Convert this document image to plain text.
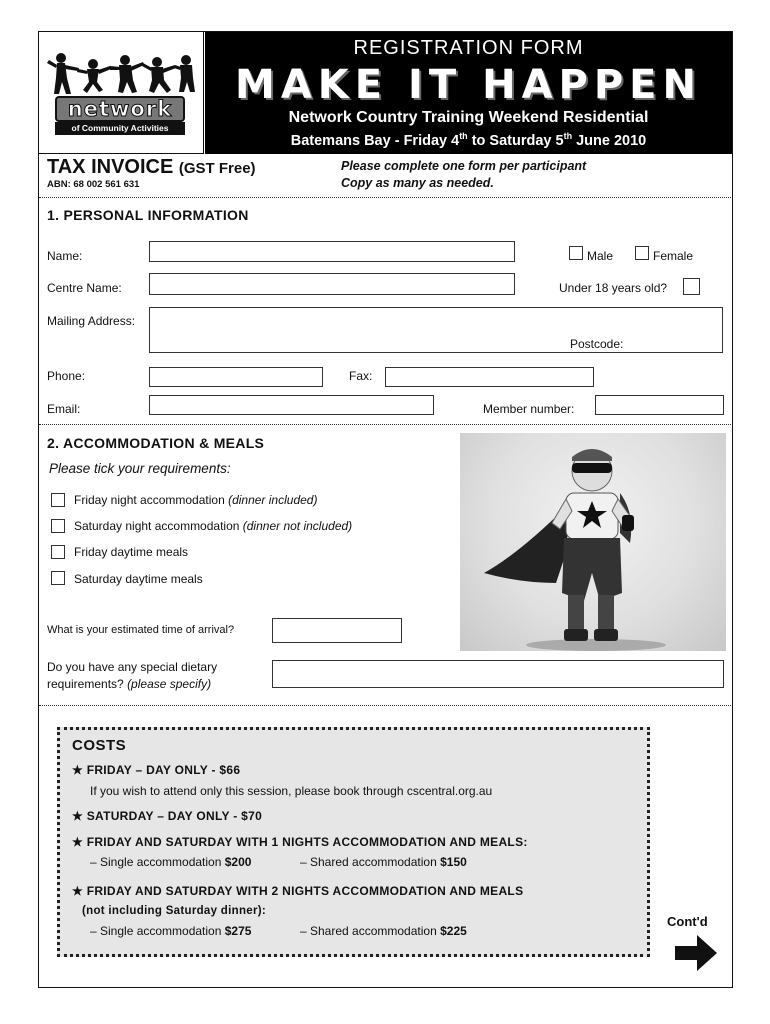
network
of Community Activities
REGISTRATION FORM
MAKE IT HAPPEN
Network Country Training Weekend Residential
Batemans Bay - Friday 4th to Saturday 5th June 2010
TAX INVOICE (GST Free)
ABN: 68 002 561 631
Please complete one form per participant
Copy as many as needed.
1. PERSONAL INFORMATION
Name:	Male	Female
Centre Name:	Under 18 years old?
Mailing Address:
Postcode:
Phone:	Fax:
Email:	Member number:
2. ACCOMMODATION & MEALS
Please tick your requirements:
Friday night accommodation (dinner included)
Saturday night accommodation (dinner not included)
Friday daytime meals
Saturday daytime meals
What is your estimated time of arrival?
Do you have any special dietary
requirements? (please specify)
COSTS
★ FRIDAY – DAY ONLY - $66
If you wish to attend only this session, please book through cscentral.org.au
★ SATURDAY – DAY ONLY - $70
★ FRIDAY AND SATURDAY WITH 1 NIGHTS ACCOMMODATION AND MEALS:
– Single accommodation $200	– Shared accommodation $150
★ FRIDAY AND SATURDAY WITH 2 NIGHTS ACCOMMODATION AND MEALS
(not including Saturday dinner):
– Single accommodation $275	– Shared accommodation $225
Cont'd
